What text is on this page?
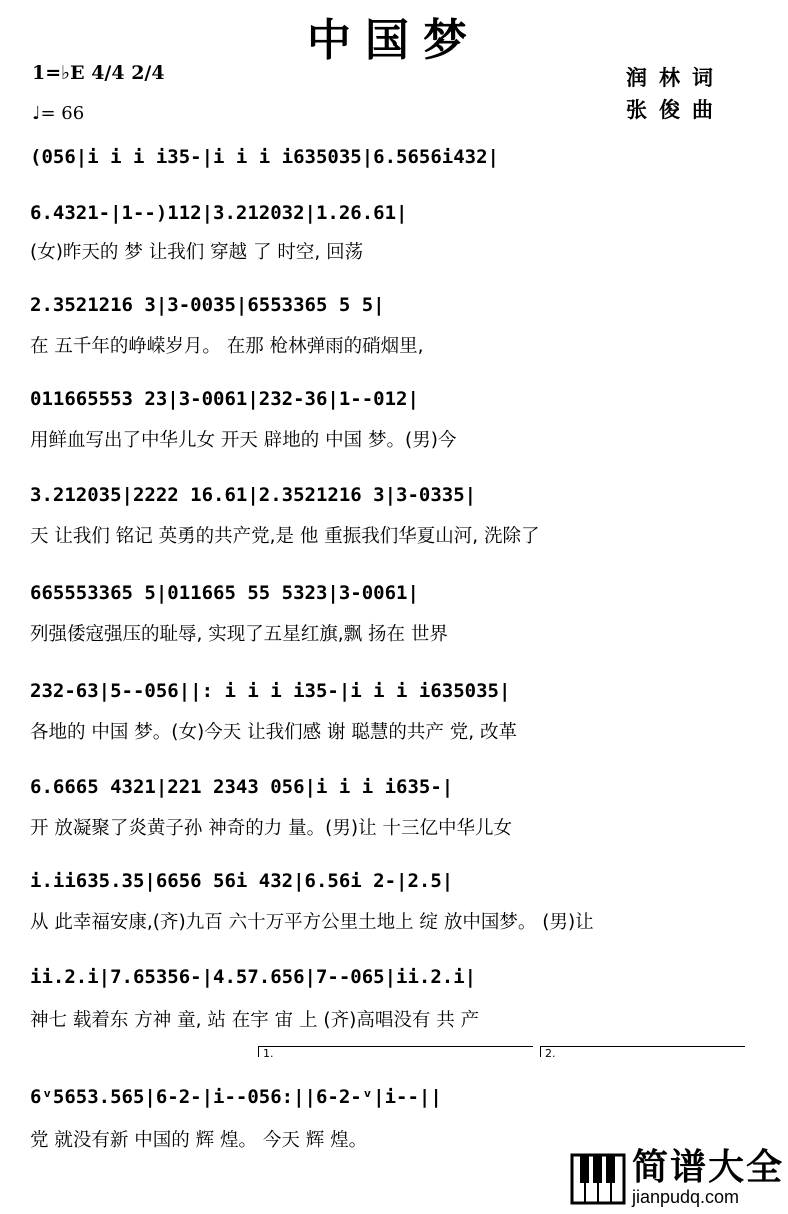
中国梦
1=♭E 4/4 2/4
♩= 66
润林词
张俊曲
(056|i i i i35-|i i i i635035|6.5656i432|
6.4321-|1--)112|3.212032|1.26.61|
(女)昨天的 梦 让我们 穿越 了 时空, 回荡
2.3521216 3|3-0035|6553365 5 5|
在 五千年的峥嵘岁月。 在那 枪林弹雨的硝烟里,
011665553 23|3-0061|232-36|1--012|
用鲜血写出了中华儿女 开天 辟地的 中国 梦。(男)今
3.212035|2222 16.61|2.3521216 3|3-0335|
天 让我们 铭记 英勇的共产党,是 他 重振我们华夏山河, 洗除了
665553365 5|011665 55 5323|3-0061|
列强倭寇强压的耻辱, 实现了五星红旗,飘 扬在 世界
232-63|5--056||: i i i i35-|i i i i635035|
各地的 中国 梦。(女)今天 让我们感 谢 聪慧的共产 党, 改革
6.6665 4321|221 2343 056|i i i i635-|
开 放凝聚了炎黄子孙 神奇的力 量。(男)让 十三亿中华儿女
i.ii635.35|6656 56i 432|6.56i 2-|2.5|
从 此幸福安康,(齐)九百 六十万平方公里土地上 绽 放中国梦。 (男)让
ii.2.i|7.65356-|4.57.656|7--065|ii.2.i|
神七 载着东 方神 童, 站 在宇 宙 上 (齐)高唱没有 共 产
1.	2.
6ᵛ5653.565|6-2-|i--056:||6-2-ᵛ|i--||
党 就没有新 中国的 辉 煌。 今天 辉 煌。
简谱大全
jianpudq.com
